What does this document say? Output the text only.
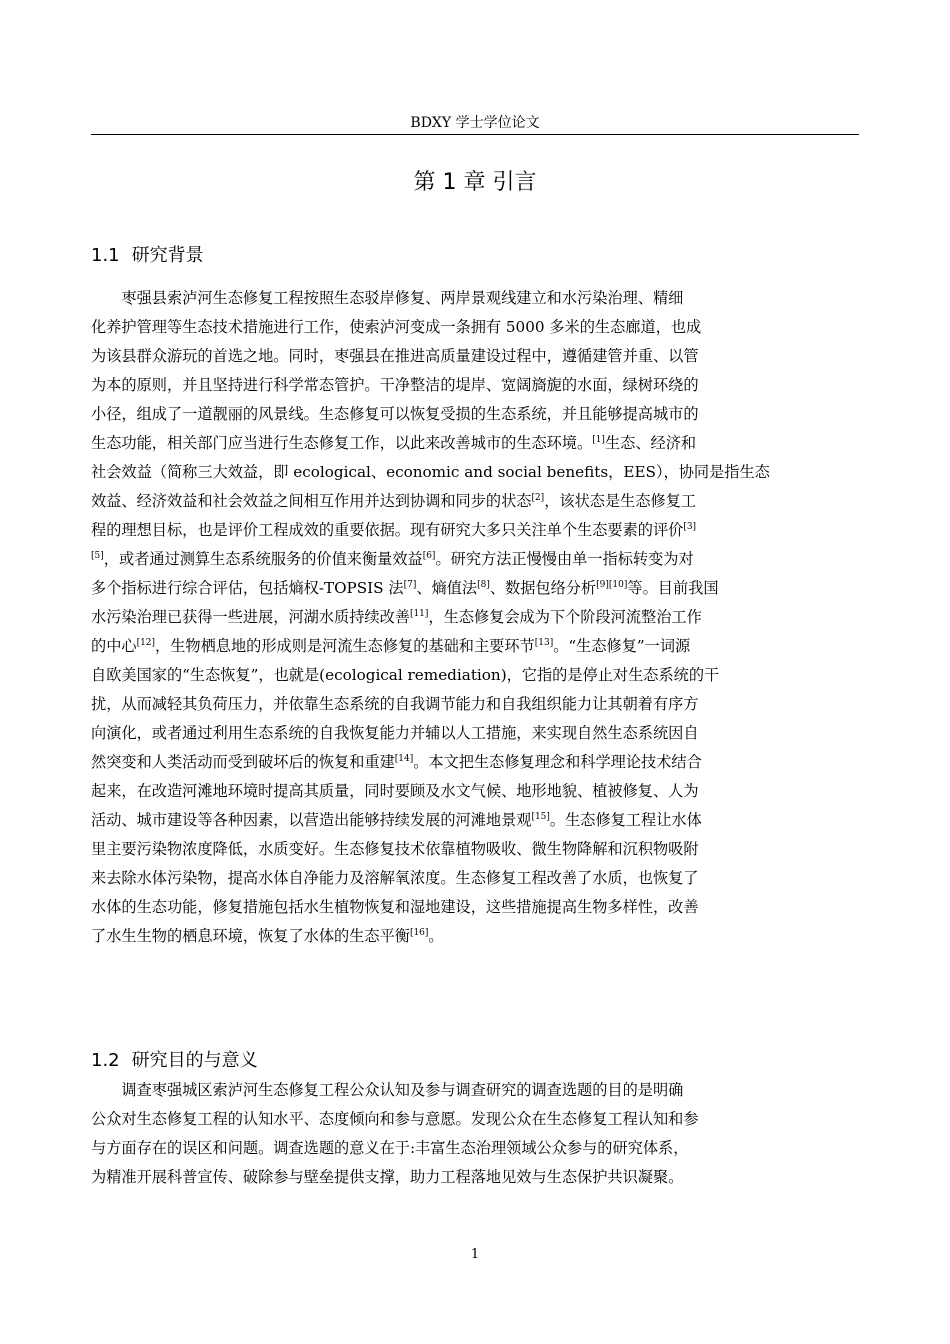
BDXY 学士学位论文
第 1 章 引言
1.1 研究背景

枣强县索泸河生态修复工程按照生态驳岸修复、两岸景观线建立和水污染治理、精细
化养护管理等生态技术措施进行工作，使索泸河变成一条拥有 5000 多米的生态廊道，也成
为该县群众游玩的首选之地。同时，枣强县在推进高质量建设过程中，遵循建管并重、以管
为本的原则，并且坚持进行科学常态管护。干净整洁的堤岸、宽阔旖旎的水面，绿树环绕的
小径，组成了一道靓丽的风景线。生态修复可以恢复受损的生态系统，并且能够提高城市的
生态功能，相关部门应当进行生态修复工作，以此来改善城市的生态环境。[1]生态、经济和
社会效益（简称三大效益，即 ecological、economic and social benefits，EES），协同是指生态
效益、经济效益和社会效益之间相互作用并达到协调和同步的状态[2]，该状态是生态修复工
程的理想目标，也是评价工程成效的重要依据。现有研究大多只关注单个生态要素的评价[3]
[5]，或者通过测算生态系统服务的价值来衡量效益[6]。研究方法正慢慢由单一指标转变为对
多个指标进行综合评估，包括熵权-TOPSIS 法[7]、熵值法[8]、数据包络分析[9][10]等。目前我国
水污染治理已获得一些进展，河湖水质持续改善[11]，生态修复会成为下个阶段河流整治工作
的中心[12]，生物栖息地的形成则是河流生态修复的基础和主要环节[13]。“生态修复”一词源
自欧美国家的“生态恢复”，也就是(ecological remediation)，它指的是停止对生态系统的干
扰，从而减轻其负荷压力，并依靠生态系统的自我调节能力和自我组织能力让其朝着有序方
向演化，或者通过利用生态系统的自我恢复能力并辅以人工措施，来实现自然生态系统因自
然突变和人类活动而受到破坏后的恢复和重建[14]。本文把生态修复理念和科学理论技术结合
起来，在改造河滩地环境时提高其质量，同时要顾及水文气候、地形地貌、植被修复、人为
活动、城市建设等各种因素，以营造出能够持续发展的河滩地景观[15]。生态修复工程让水体
里主要污染物浓度降低，水质变好。生态修复技术依靠植物吸收、微生物降解和沉积物吸附
来去除水体污染物，提高水体自净能力及溶解氧浓度。生态修复工程改善了水质，也恢复了
水体的生态功能，修复措施包括水生植物恢复和湿地建设，这些措施提高生物多样性，改善
了水生生物的栖息环境，恢复了水体的生态平衡[16]。

1.2 研究目的与意义

调查枣强城区索泸河生态修复工程公众认知及参与调查研究的调查选题的目的是明确
公众对生态修复工程的认知水平、态度倾向和参与意愿。发现公众在生态修复工程认知和参
与方面存在的误区和问题。调查选题的意义在于:丰富生态治理领域公众参与的研究体系，
为精准开展科普宣传、破除参与壁垒提供支撑，助力工程落地见效与生态保护共识凝聚。

1
